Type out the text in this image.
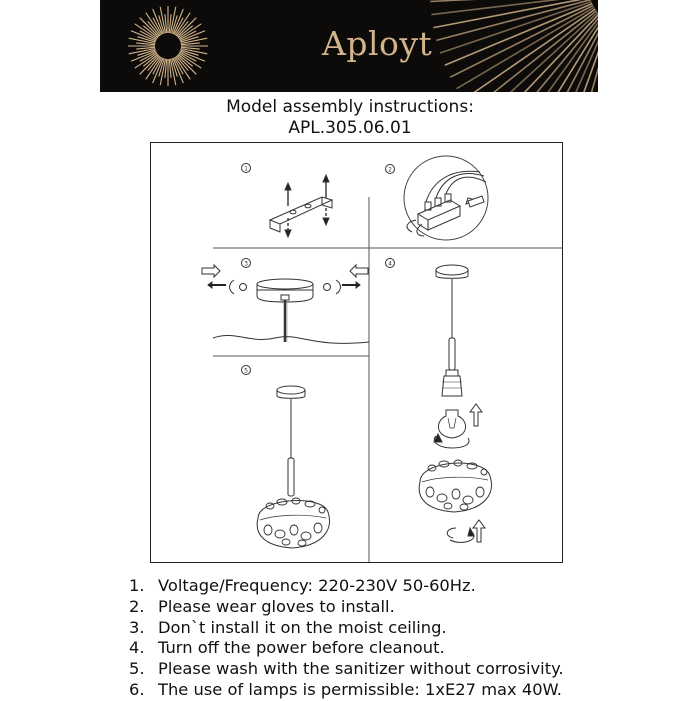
Aployt
Model assembly instructions:
APL.305.06.01
1	2
3	4
5
1. Voltage/Frequency: 220-230V 50-60Hz.
2. Please wear gloves to install.
3. Don`t install it on the moist ceiling.
4. Turn off the power before cleanout.
5. Please wash with the sanitizer without corrosivity.
6. The use of lamps is permissible: 1xE27 max 40W.
